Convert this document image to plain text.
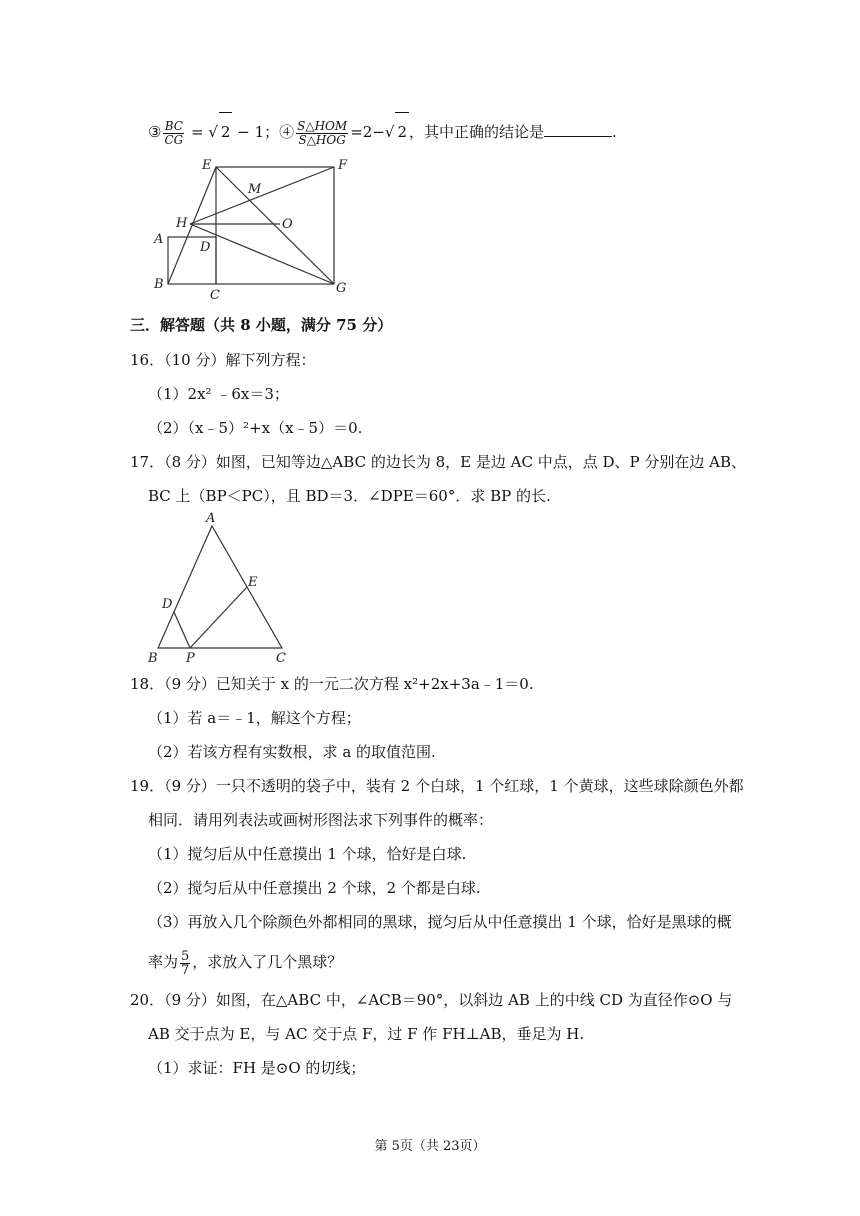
③ $\frac{BC}{CG}$ = √ 2 − 1；④ $\frac{\text{S△HOM}}{\text{S△HOG}} =2-√$ 2 ，其中正确的结论是	.
E	F
M
H	O
A
D
B
C	G
三．解答题（共 8 小题，满分 75 分）
16．（10 分）解下列方程：
（1）2x² ﹣6x＝3；
（2）（x﹣5）²+x（x﹣5）＝0.
17．（8 分）如图，已知等边△ABC 的边长为 8，E 是边 AC 中点，点 D、P 分别在边 AB、
BC 上（BP＜PC），且 BD＝3．∠DPE＝60°．求 BP 的长.
A
D
E
B P	C
18．（9 分）已知关于 x 的一元二次方程 x²+2x+3a﹣1＝0.
（1）若 a＝﹣1，解这个方程；
（2）若该方程有实数根，求 a 的取值范围.
19．（9 分）一只不透明的袋子中，装有 2 个白球，1 个红球，1 个黄球，这些球除颜色外都
相同．请用列表法或画树形图法求下列事件的概率：
（1）搅匀后从中任意摸出 1 个球，恰好是白球.
（2）搅匀后从中任意摸出 2 个球，2 个都是白球.
（3）再放入几个除颜色外都相同的黑球，搅匀后从中任意摸出 1 个球，恰好是黑球的概
率为 $\frac{5}{7}$ ，求放入了几个黑球？
20．（9 分）如图，在△ABC 中，∠ACB＝90°，以斜边 AB 上的中线 CD 为直径作⊙O 与
AB 交于点为 E，与 AC 交于点 F，过 F 作 FH⊥AB，垂足为 H.
（1）求证：FH 是⊙O 的切线；
第 5页（共 23页）
